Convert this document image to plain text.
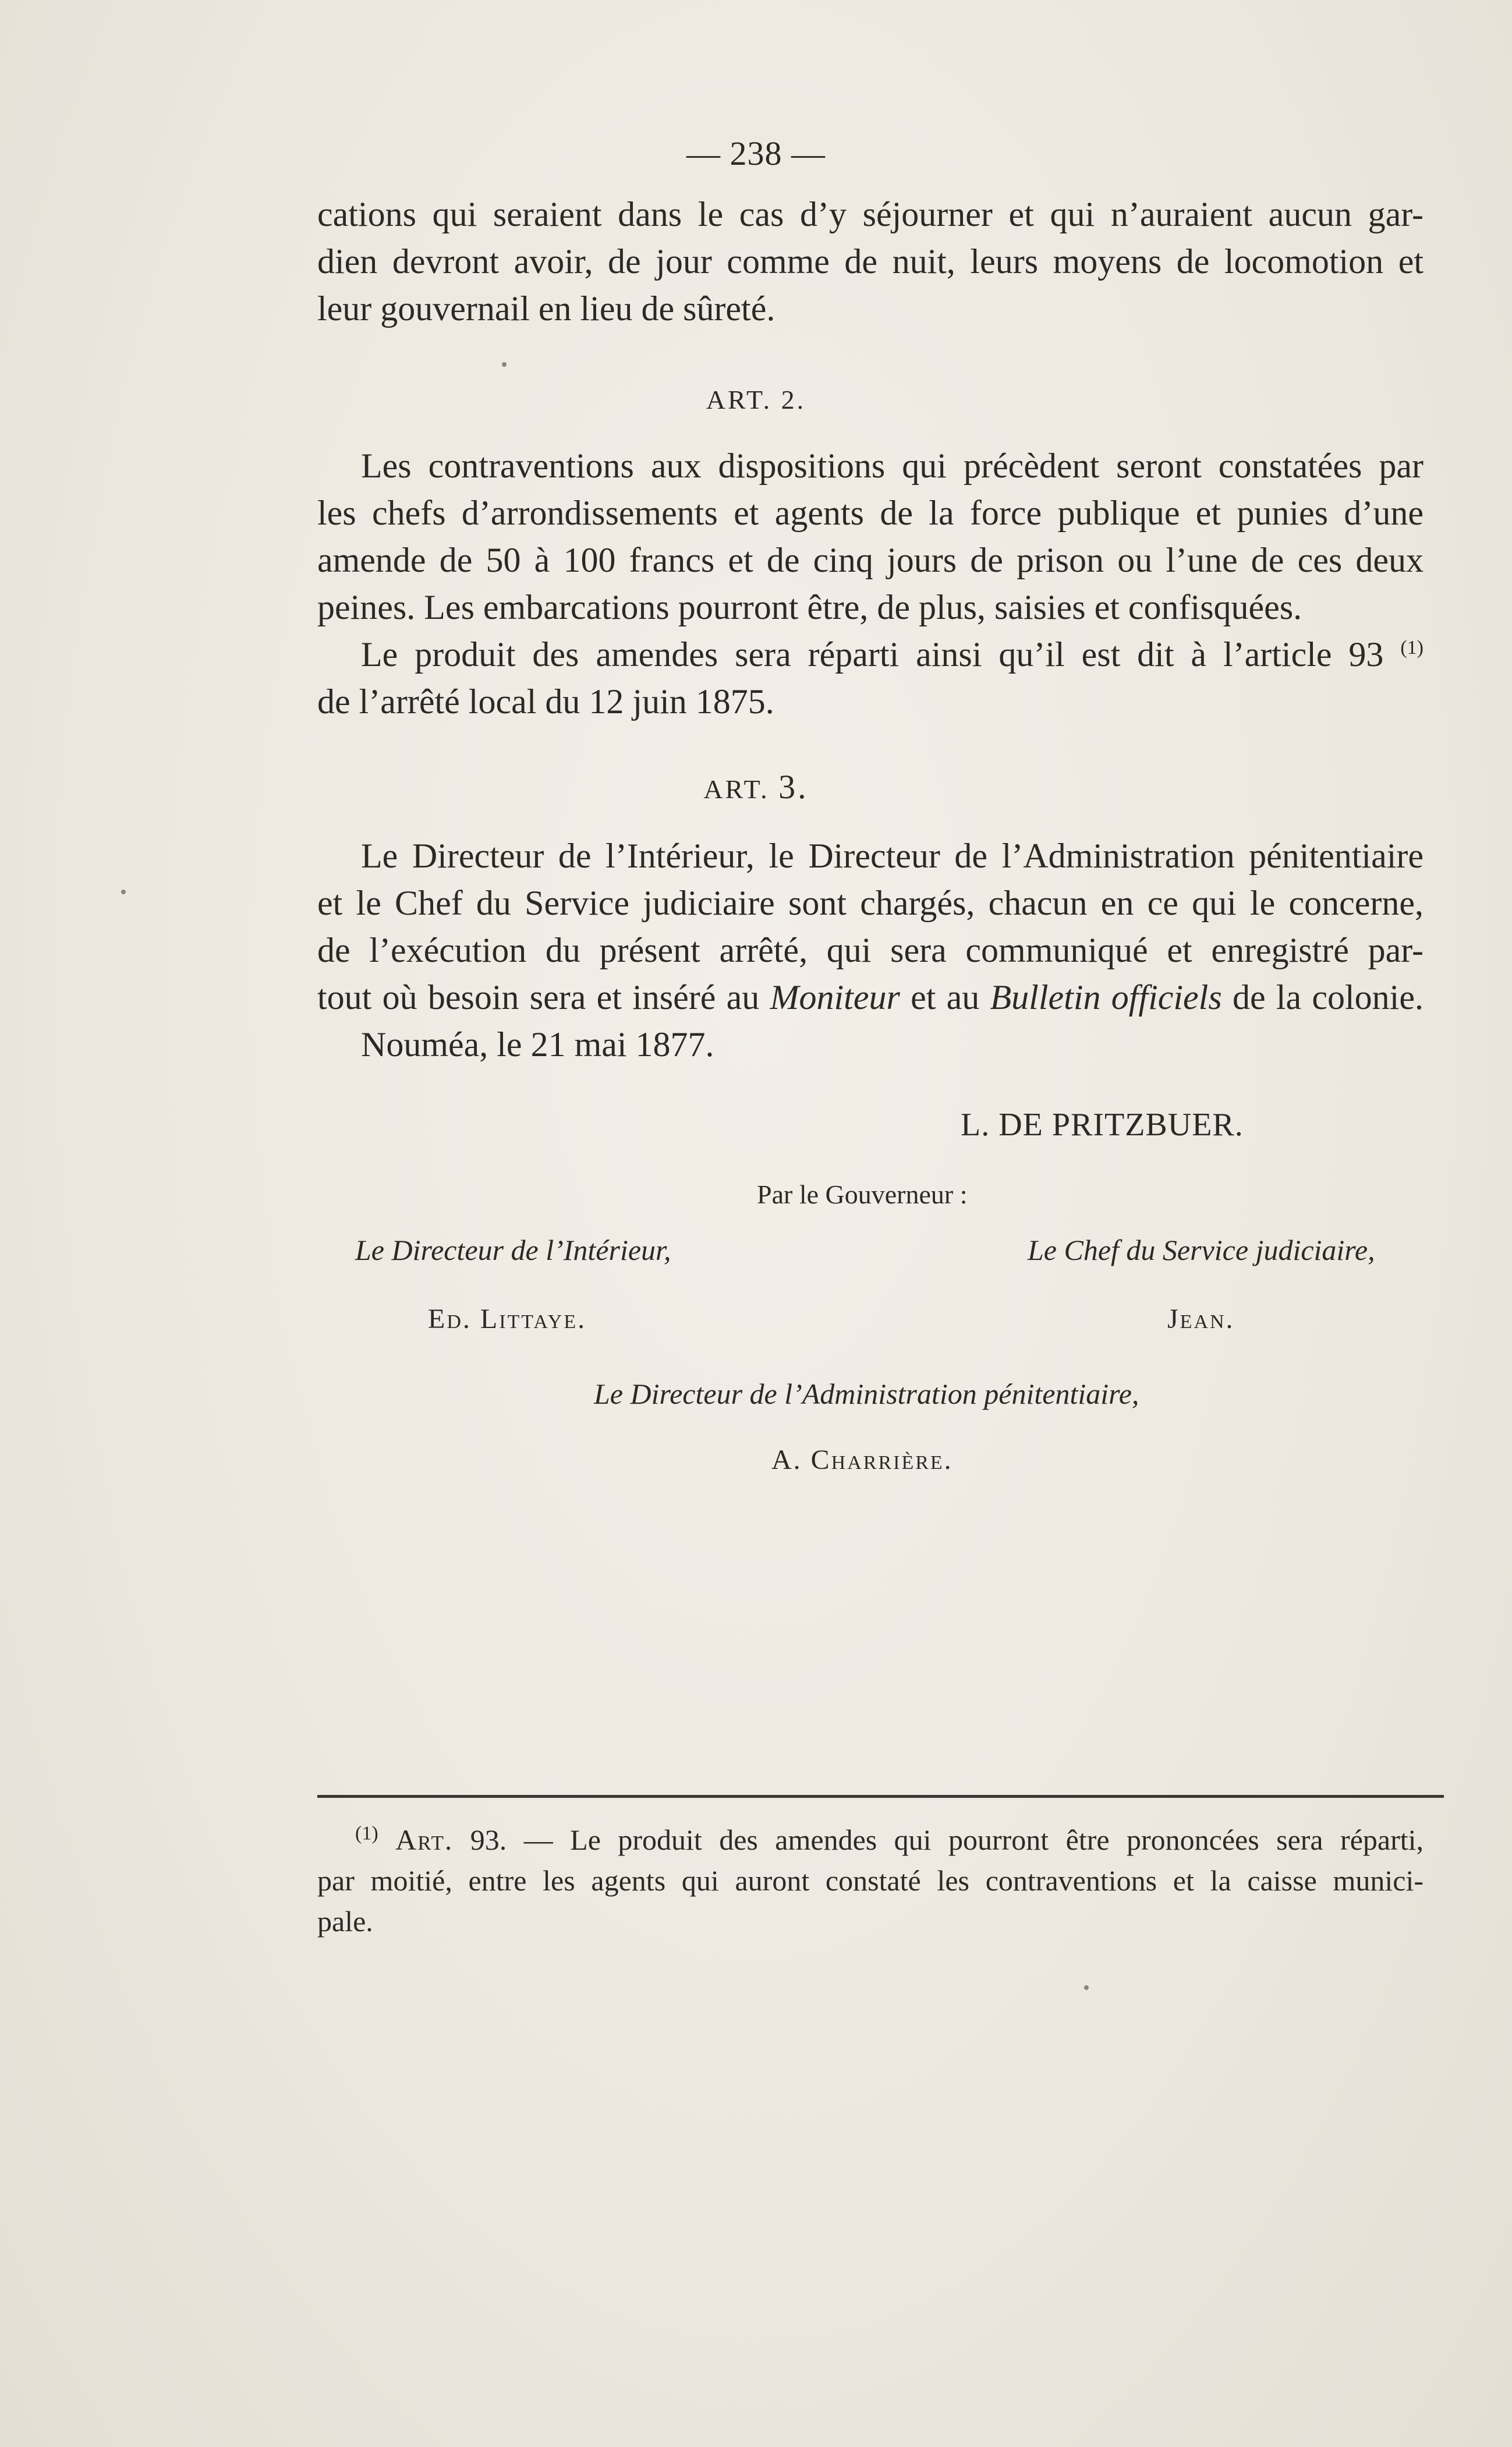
— 238 —
cations qui seraient dans le cas d’y séjourner et qui n’auraient aucun gar-
dien devront avoir, de jour comme de nuit, leurs moyens de locomotion et
leur gouvernail en lieu de sûreté.
ART. 2.
Les contraventions aux dispositions qui précèdent seront constatées par
les chefs d’arrondissements et agents de la force publique et punies d’une
amende de 50 à 100 francs et de cinq jours de prison ou l’une de ces deux
peines. Les embarcations pourront être, de plus, saisies et confisquées.
Le produit des amendes sera réparti ainsi qu’il est dit à l’article 93 $^{(1)}$
de l’arrêté local du 12 juin 1875.
ART. 3.
Le Directeur de l’Intérieur, le Directeur de l’Administration pénitentiaire
et le Chef du Service judiciaire sont chargés, chacun en ce qui le concerne,
de l’exécution du présent arrêté, qui sera communiqué et enregistré par-
tout où besoin sera et inséré au Moniteur et au Bulletin officiels de la colonie.
Nouméa, le 21 mai 1877.
L. DE PRITZBUER.
Par le Gouverneur :
Le Directeur de l’Intérieur,
Ed. Littaye.
Le Chef du Service judiciaire,
Jean.
Le Directeur de l’Administration pénitentiaire,
A. Charrière.
$^{(1)}$ Art. 93. — Le produit des amendes qui pourront être prononcées sera réparti,
par moitié, entre les agents qui auront constaté les contraventions et la caisse munici-
pale.
